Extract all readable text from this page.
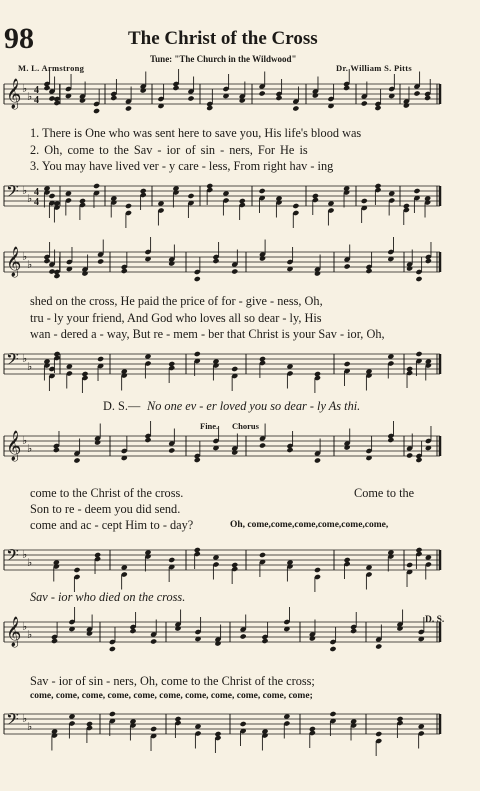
98	The Christ of the Cross
Tune: "The Church in the Wildwood"
M. L. Armstrong	Dr. William S. Pitts
𝄞 ♭
♭ 4
4
𝄢 ♭
♭ 4
4
𝄞 ♭
♭
𝄢 ♭
♭
𝄞 ♭
♭
𝄢 ♭
♭
𝄞 ♭
♭
𝄢 ♭
♭
1. There is One who was sent here to save you, His life's blood was
2. Oh, come to the Sav - ior of sin - ners, For He is
3. You may have lived ver - y care - less, From right hav - ing
shed on the cross, He paid the price of for - give - ness, Oh,
tru - ly your friend, And God who loves all so dear - ly, His
wan - dered a - way, But re - mem - ber that Christ is your Sav - ior, Oh,
D. S.— No one ev - er loved you so dear - ly As thi.
Fine. Chorus
come to the Christ of the cross.	Come to the
Son to re - deem you did send.
come and ac - cept Him to - day?	Oh, come,come,come,come,come,come,
Sav - ior who died on the cross.
D. S.
Sav - ior of sin - ners, Oh, come to the Christ of the cross;
come, come, come, come, come, come, come, come, come, come, come;
